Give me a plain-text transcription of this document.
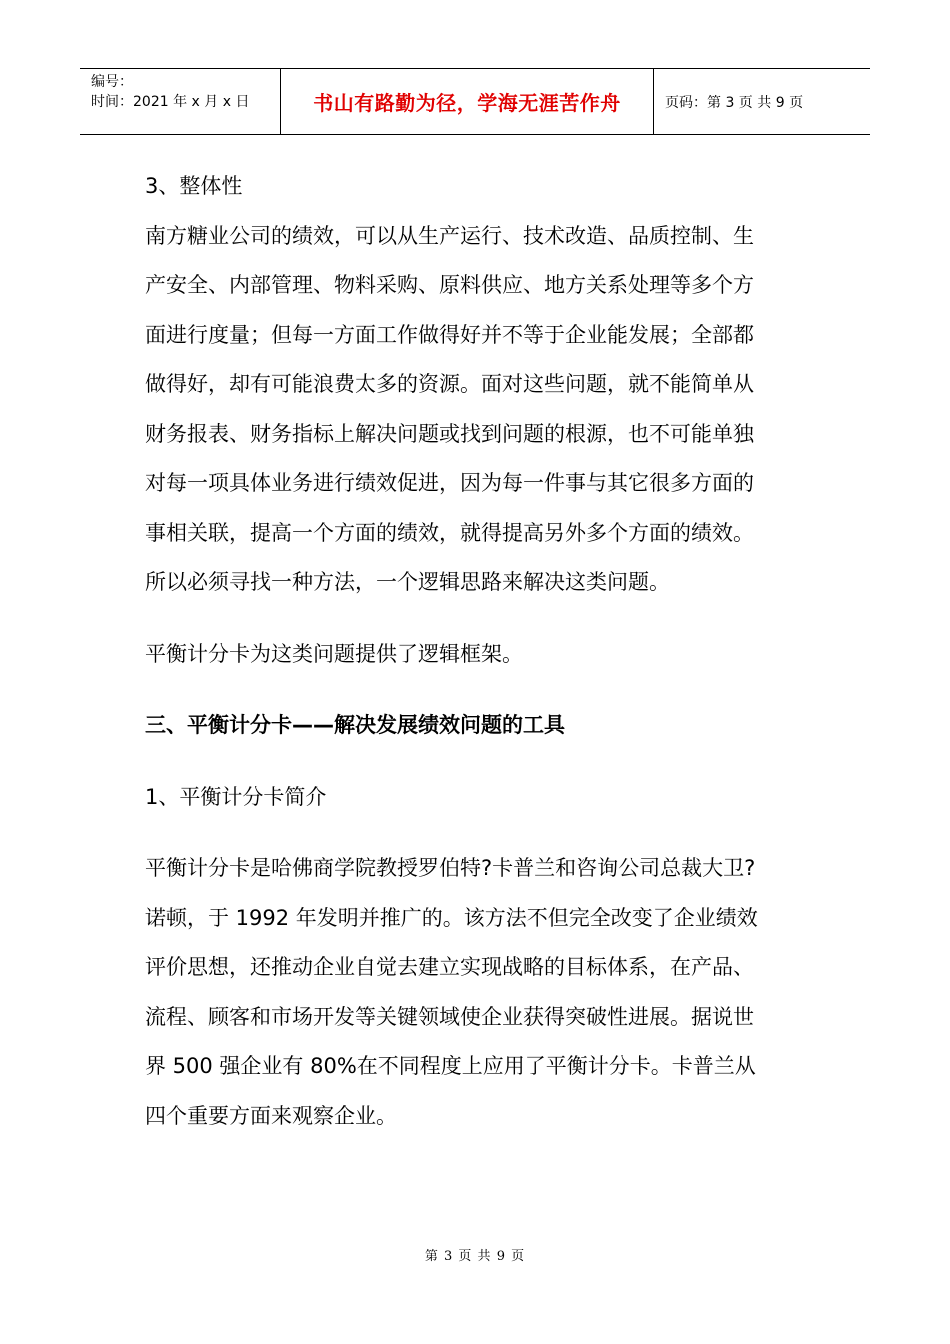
编号：
时间：2021 年 x 月 x 日	书山有路勤为径，学海无涯苦作舟	页码：第 3 页 共 9 页
3、整体性
南方糖业公司的绩效，可以从生产运行、技术改造、品质控制、生
产安全、内部管理、物料采购、原料供应、地方关系处理等多个方
面进行度量；但每一方面工作做得好并不等于企业能发展；全部都
做得好，却有可能浪费太多的资源。面对这些问题，就不能简单从
财务报表、财务指标上解决问题或找到问题的根源，也不可能单独
对每一项具体业务进行绩效促进，因为每一件事与其它很多方面的
事相关联，提高一个方面的绩效，就得提高另外多个方面的绩效。
所以必须寻找一种方法，一个逻辑思路来解决这类问题。
平衡计分卡为这类问题提供了逻辑框架。
三、平衡计分卡——解决发展绩效问题的工具
1、平衡计分卡简介
平衡计分卡是哈佛商学院教授罗伯特?卡普兰和咨询公司总裁大卫?
诺顿，于 1992 年发明并推广的。该方法不但完全改变了企业绩效
评价思想，还推动企业自觉去建立实现战略的目标体系，在产品、
流程、顾客和市场开发等关键领域使企业获得突破性进展。据说世
界 500 强企业有 80%在不同程度上应用了平衡计分卡。卡普兰从
四个重要方面来观察企业。
第 3 页 共 9 页
